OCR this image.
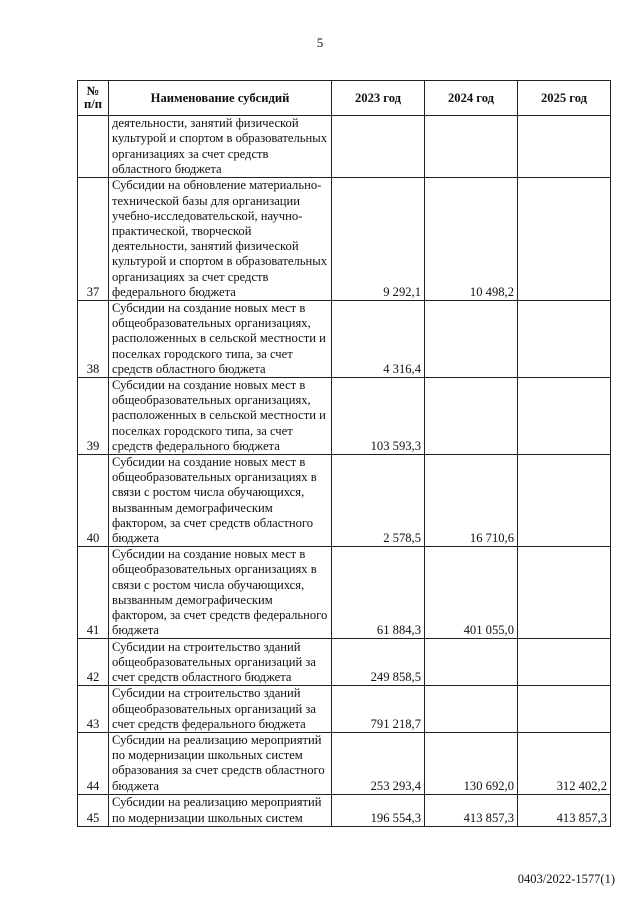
5
№ п/п	Наименование субсидий	2023 год	2024 год	2025 год
	деятельности, занятий физической культурой и спортом в образовательных организациях за счет средств областного бюджета			
37	Субсидии на обновление материально-технической базы для организации учебно-исследовательской, научно-практической, творческой деятельности, занятий физической культурой и спортом в образовательных организациях за счет средств федерального бюджета	9 292,1	10 498,2	
38	Субсидии на создание новых мест в общеобразовательных организациях, расположенных в сельской местности и поселках городского типа, за счет средств областного бюджета	4 316,4		
39	Субсидии на создание новых мест в общеобразовательных организациях, расположенных в сельской местности и поселках городского типа, за счет средств федерального бюджета	103 593,3		
40	Субсидии на создание новых мест в общеобразовательных организациях в связи с ростом числа обучающихся, вызванным демографическим фактором, за счет средств областного бюджета	2 578,5	16 710,6	
41	Субсидии на создание новых мест в общеобразовательных организациях в связи с ростом числа обучающихся, вызванным демографическим фактором, за счет средств федерального бюджета	61 884,3	401 055,0	
42	Субсидии на строительство зданий общеобразовательных организаций за счет средств областного бюджета	249 858,5		
43	Субсидии на строительство зданий общеобразовательных организаций за счет средств федерального бюджета	791 218,7		
44	Субсидии на реализацию мероприятий по модернизации школьных систем образования за счет средств областного бюджета	253 293,4	130 692,0	312 402,2
45	Субсидии на реализацию мероприятий по модернизации школьных систем	196 554,3	413 857,3	413 857,3
0403/2022-1577(1)
